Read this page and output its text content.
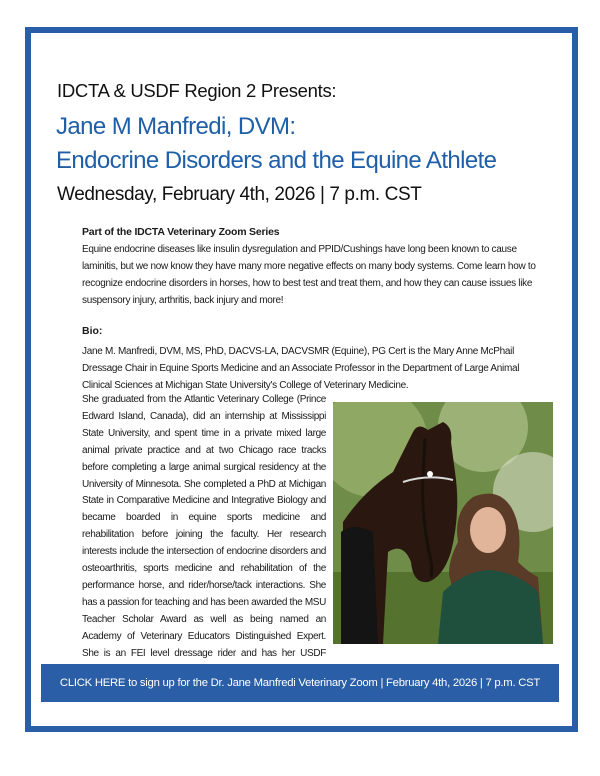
IDCTA & USDF Region 2 Presents:
Jane M Manfredi, DVM:
Endocrine Disorders and the Equine Athlete
Wednesday, February 4th, 2026 | 7 p.m. CST
Part of the IDCTA Veterinary Zoom Series
Equine endocrine diseases like insulin dysregulation and PPID/Cushings have long been known to cause laminitis, but we now know they have many more negative effects on many body systems. Come learn how to recognize endocrine disorders in horses, how to best test and treat them, and how they can cause issues like suspensory injury, arthritis, back injury and more!
Bio:
Jane M. Manfredi, DVM, MS, PhD, DACVS-LA, DACVSMR (Equine), PG Cert is the Mary Anne McPhail Dressage Chair in Equine Sports Medicine and an Associate Professor in the Department of Large Animal Clinical Sciences at Michigan State University's College of Veterinary Medicine.
She graduated from the Atlantic Veterinary College (Prince Edward Island, Canada), did an internship at Mississippi State University, and spent time in a private mixed large animal private practice and at two Chicago race tracks before completing a large animal surgical residency at the University of Minnesota. She completed a PhD at Michigan State in Comparative Medicine and Integrative Biology and became boarded in equine sports medicine and rehabilitation before joining the faculty. Her research interests include the intersection of endocrine disorders and osteoarthritis, sports medicine and rehabilitation of the performance horse, and rider/horse/tack interactions. She has a passion for teaching and has been awarded the MSU Teacher Scholar Award as well as being named an Academy of Veterinary Educators Distinguished Expert. She is an FEI level dressage rider and has her USDF
CLICK HERE to sign up for the Dr. Jane Manfredi Veterinary Zoom | February 4th, 2026 | 7 p.m. CST
